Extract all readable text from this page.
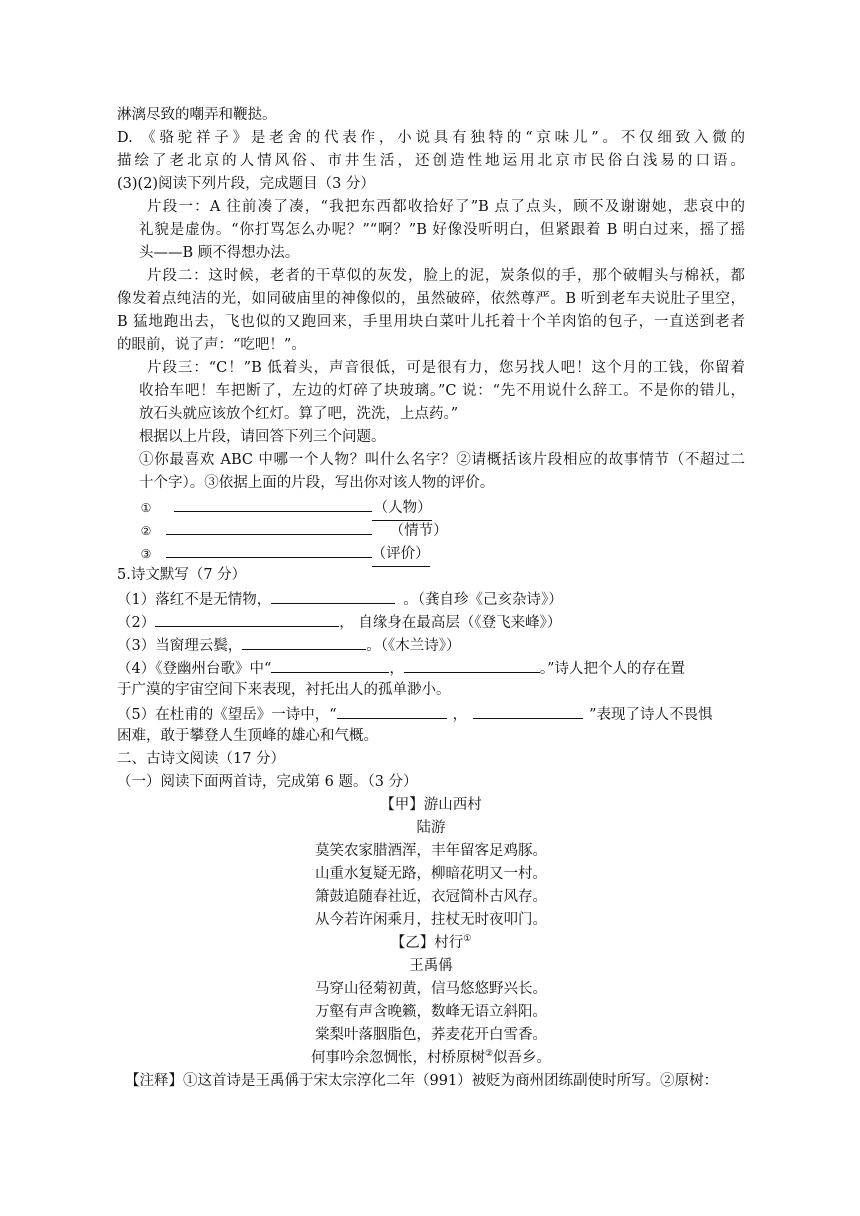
淋漓尽致的嘲弄和鞭挞。
D. 《骆驼祥子》是老舍的代表作，小说具有独特的“京味儿”。不仅细致入微的
描绘了老北京的人情风俗、市井生活，还创造性地运用北京市民俗白浅易的口语。
(3)(2)阅读下列片段，完成题目（3 分）
片段一：A 往前凑了凑，“我把东西都收拾好了”B 点了点头，顾不及谢谢她，悲哀中的
礼貌是虚伪。“你打骂怎么办呢？”“啊？”B 好像没听明白，但紧跟着 B 明白过来，摇了摇
头——B 顾不得想办法。
片段二：这时候，老者的干草似的灰发，脸上的泥，炭条似的手，那个破帽头与棉袄，都
像发着点纯洁的光，如同破庙里的神像似的，虽然破碎，依然尊严。B 听到老车夫说肚子里空，
B 猛地跑出去，飞也似的又跑回来，手里用块白菜叶儿托着十个羊肉馅的包子，一直送到老者
的眼前，说了声：“吃吧！”。
片段三：“C！”B 低着头，声音很低，可是很有力，您另找人吧！这个月的工钱，你留着
收拾车吧！车把断了，左边的灯碎了块玻璃。”C 说：“先不用说什么辞工。不是你的错儿，
放石头就应该放个红灯。算了吧，洗洗，上点药。”
根据以上片段，请回答下列三个问题。
①你最喜欢 ABC 中哪一个人物？叫什么名字？②请概括该片段相应的故事情节（不超过二
十个字）。③依据上面的片段，写出你对该人物的评价。
①	（人物）
②	（情节）
③	（评价）
5.诗文默写（7 分）
（1）落红不是无情物，	。（龚自珍《己亥杂诗》）
（2）	， 自缘身在最高层（《登飞来峰》）
（3）当窗理云鬓，	。（《木兰诗》）
（4）《登幽州台歌》中“	，	。”诗人把个人的存在置
于广漠的宇宙空间下来表现，衬托出人的孤单渺小。
（5）在杜甫的《望岳》一诗中，“	，	”表现了诗人不畏惧
困难，敢于攀登人生顶峰的雄心和气概。
二、古诗文阅读（17 分）
（一）阅读下面两首诗，完成第 6 题。（3 分）
【甲】游山西村
陆游
莫笑农家腊酒浑，丰年留客足鸡豚。
山重水复疑无路，柳暗花明又一村。
箫鼓追随春社近，衣冠简朴古风存。
从今若许闲乘月，拄杖无时夜叩门。
【乙】村行①
王禹偁
马穿山径菊初黄，信马悠悠野兴长。
万壑有声含晚籁，数峰无语立斜阳。
棠梨叶落胭脂色，荞麦花开白雪香。
何事吟余忽惆怅，村桥原树②似吾乡。
【注释】①这首诗是王禹偁于宋太宗淳化二年（991）被贬为商州团练副使时所写。②原树：
